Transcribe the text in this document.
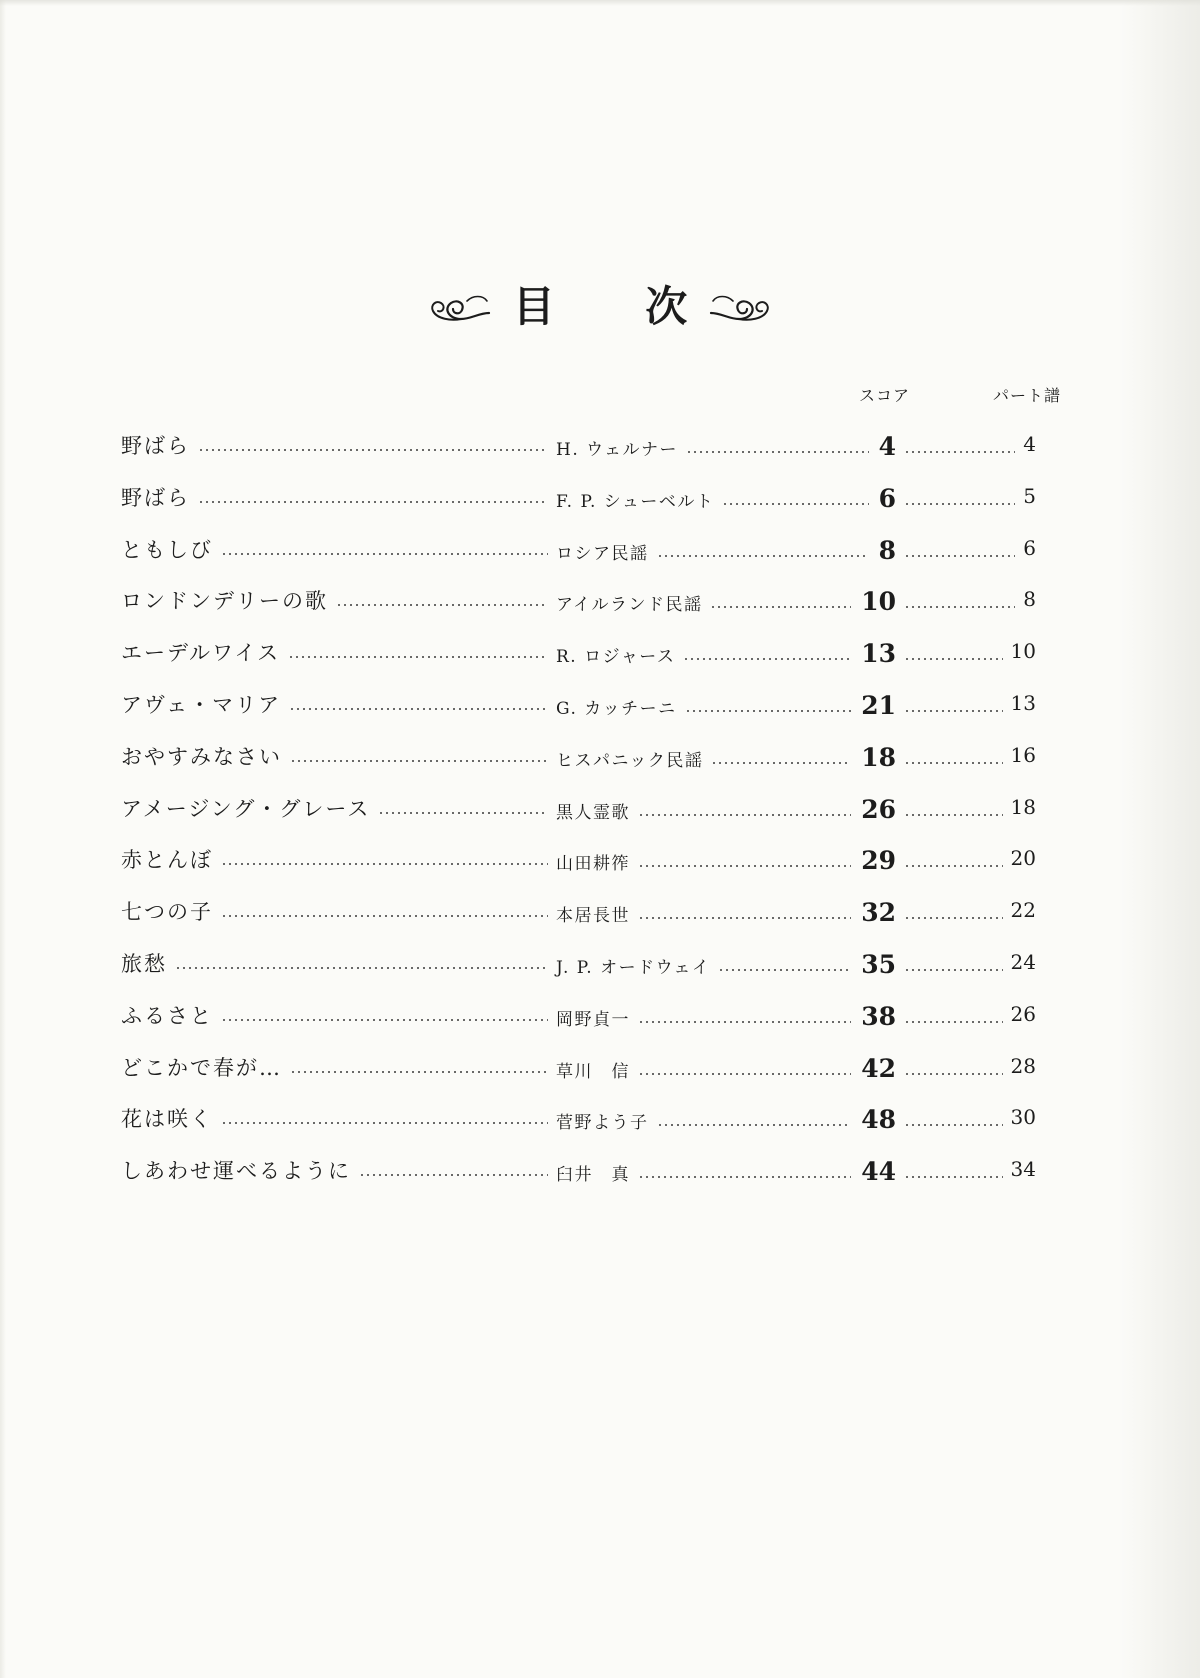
目 次
スコア	パート譜
野ばら	H. ウェルナー	4	4
野ばら	F. P. シューベルト	6	5
ともしび	ロシア民謡	8	6
ロンドンデリーの歌	アイルランド民謡	10	8
エーデルワイス	R. ロジャース	13	10
アヴェ・マリア	G. カッチーニ	21	13
おやすみなさい	ヒスパニック民謡	18	16
アメージング・グレース	黒人霊歌	26	18
赤とんぼ	山田耕筰	29	20
七つの子	本居長世	32	22
旅愁	J. P. オードウェイ	35	24
ふるさと	岡野貞一	38	26
どこかで春が…	草川　信	42	28
花は咲く	菅野よう子	48	30
しあわせ運べるように	臼井　真	44	34
